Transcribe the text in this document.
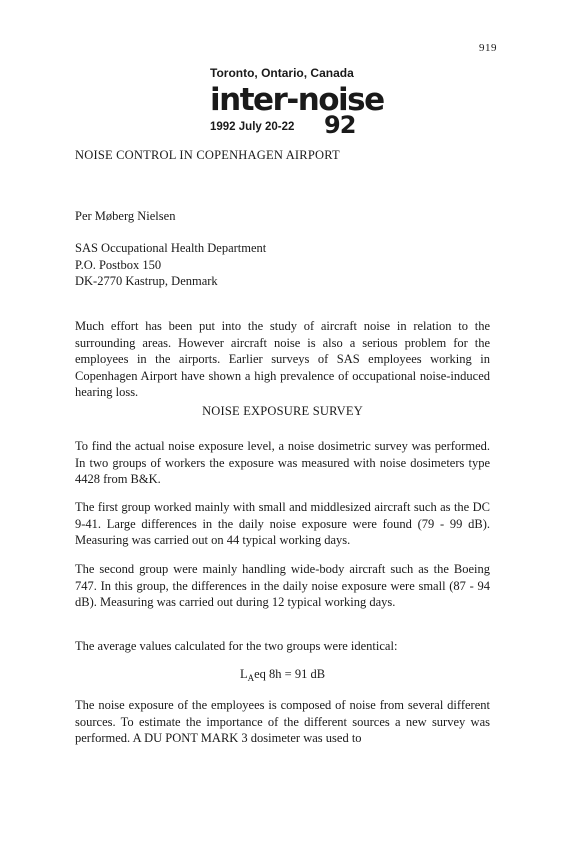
919
Toronto, Ontario, Canada
inter-noise
1992 July 20-22 92
NOISE CONTROL IN COPENHAGEN AIRPORT
Per Møberg Nielsen
SAS Occupational Health Department
P.O. Postbox 150
DK-2770 Kastrup, Denmark
Much effort has been put into the study of aircraft noise in relation to the surrounding areas. However aircraft noise is also a serious problem for the employees in the airports. Earlier surveys of SAS employees working in Copenhagen Airport have shown a high prevalence of occupational noise-induced hearing loss.
NOISE EXPOSURE SURVEY
To find the actual noise exposure level, a noise dosimetric survey was performed. In two groups of workers the exposure was measured with noise dosimeters type 4428 from B&K.
The first group worked mainly with small and middlesized aircraft such as the DC 9-41. Large differences in the daily noise exposure were found (79 - 99 dB). Measuring was carried out on 44 typical working days.
The second group were mainly handling wide-body aircraft such as the Boeing 747. In this group, the differences in the daily noise exposure were small (87 - 94 dB). Measuring was carried out during 12 typical working days.
The average values calculated for the two groups were identical:
$L_Aeq$ 8h = 91 dB
The noise exposure of the employees is composed of noise from several different sources. To estimate the importance of the different sources a new survey was performed. A DU PONT MARK 3 dosimeter was used to
